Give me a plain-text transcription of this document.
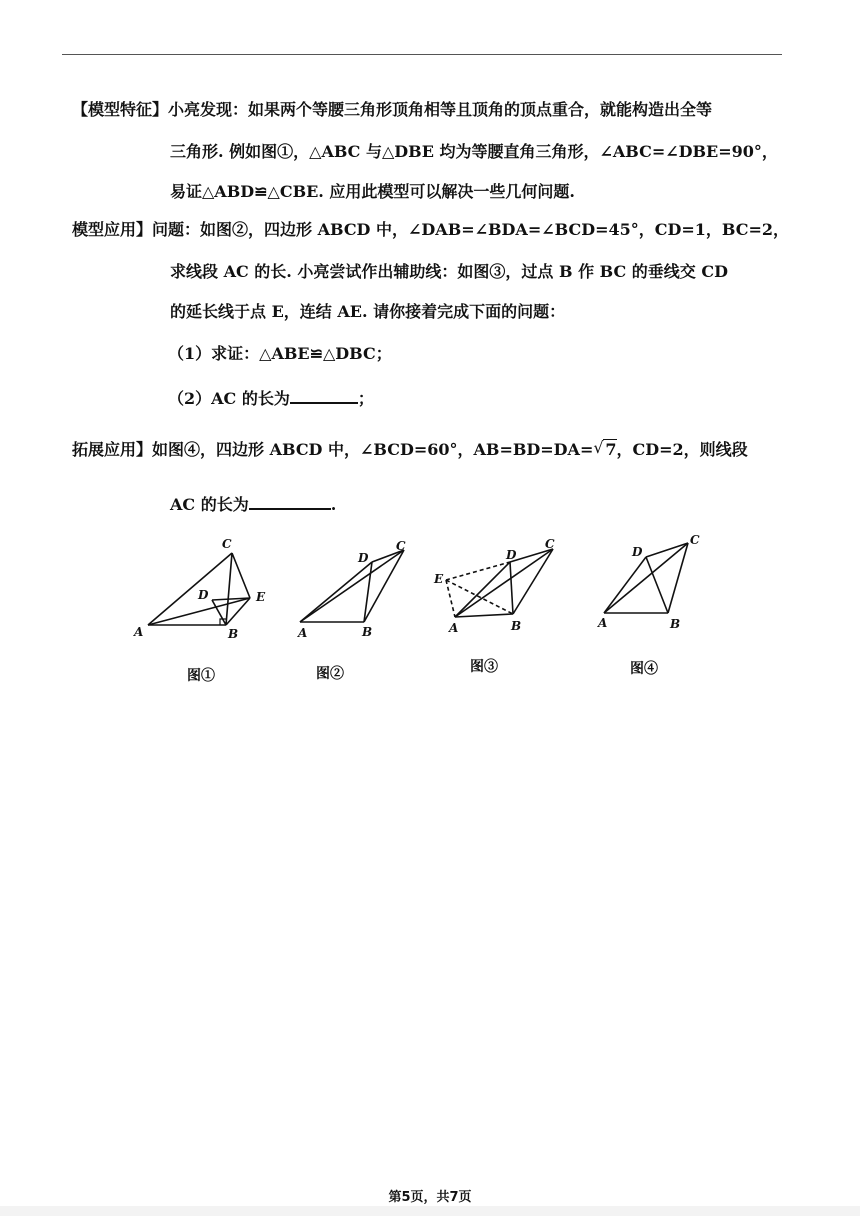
【模型特征】小亮发现：如果两个等腰三角形顶角相等且顶角的顶点重合，就能构造出全等
三角形. 例如图①，△ABC 与△DBE 均为等腰直角三角形，∠ABC=∠DBE=90°，
易证△ABD≌△CBE. 应用此模型可以解决一些几何问题.
模型应用】问题：如图②，四边形 ABCD 中，∠DAB=∠BDA=∠BCD=45°，CD=1，BC=2，
求线段 AC 的长. 小亮尝试作出辅助线：如图③，过点 B 作 BC 的垂线交 CD
的延长线于点 E，连结 AE. 请你接着完成下面的问题：
（1）求证：△ABE≌△DBC；
（2）AC 的长为	；
拓展应用】如图④，四边形 ABCD 中，∠BCD=60°，AB=BD=DA= √ 7，CD=2，则线段
AC 的长为	.
C
D	E
A	B
图①
D
C
A	B
图②
E
D
C
A	B
图③
D
C
A	B
图④
第5页，共7页
